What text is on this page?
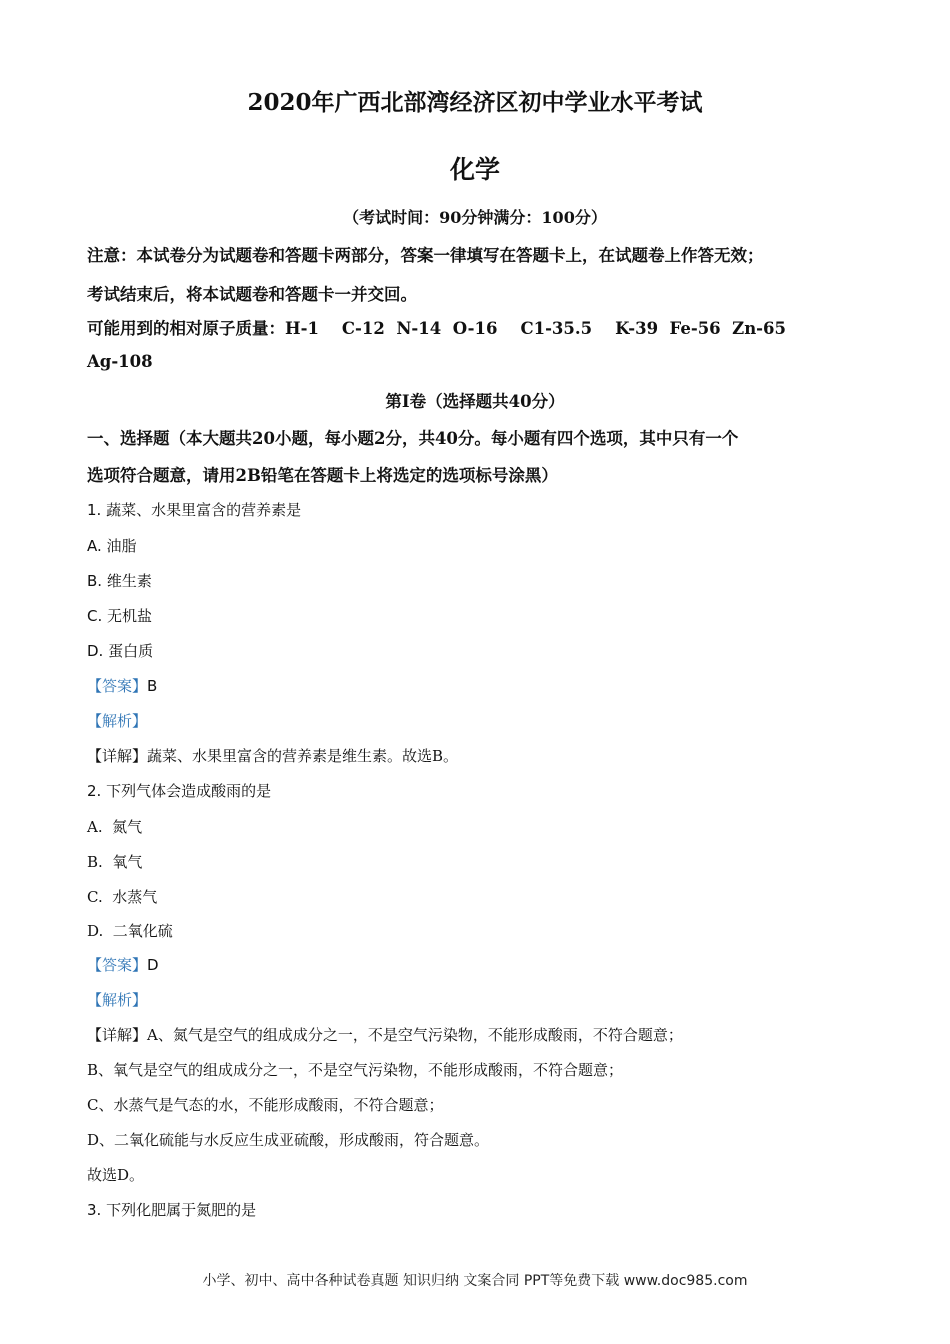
2020年广西北部湾经济区初中学业水平考试
化学
（考试时间：90分钟满分：100分）
注意：本试卷分为试题卷和答题卡两部分，答案一律填写在答题卡上，在试题卷上作答无效；
考试结束后，将本试题卷和答题卡一并交回。
可能用到的相对原子质量：H-1    C-12  N-14  O-16    C1-35.5    K-39  Fe-56  Zn-65
Ag-108
第I卷（选择题共40分）
一、选择题（本大题共20小题，每小题2分，共40分。每小题有四个选项，其中只有一个
选项符合题意，请用2B铅笔在答题卡上将选定的选项标号涂黑）
1. 蔬菜、水果里富含的营养素是
A. 油脂
B. 维生素
C. 无机盐
D. 蛋白质
【答案】B
【解析】
【详解】蔬菜、水果里富含的营养素是维生素。故选B。
2. 下列气体会造成酸雨的是
A.  氮气
B.  氧气
C.  水蒸气
D.  二氧化硫
【答案】D
【解析】
【详解】A、氮气是空气的组成成分之一，不是空气污染物，不能形成酸雨，不符合题意；
B、氧气是空气的组成成分之一，不是空气污染物，不能形成酸雨，不符合题意；
C、水蒸气是气态的水，不能形成酸雨，不符合题意；
D、二氧化硫能与水反应生成亚硫酸，形成酸雨，符合题意。
故选D。
3. 下列化肥属于氮肥的是
小学、初中、高中各种试卷真题 知识归纳 文案合同 PPT等免费下载 www.doc985.com
